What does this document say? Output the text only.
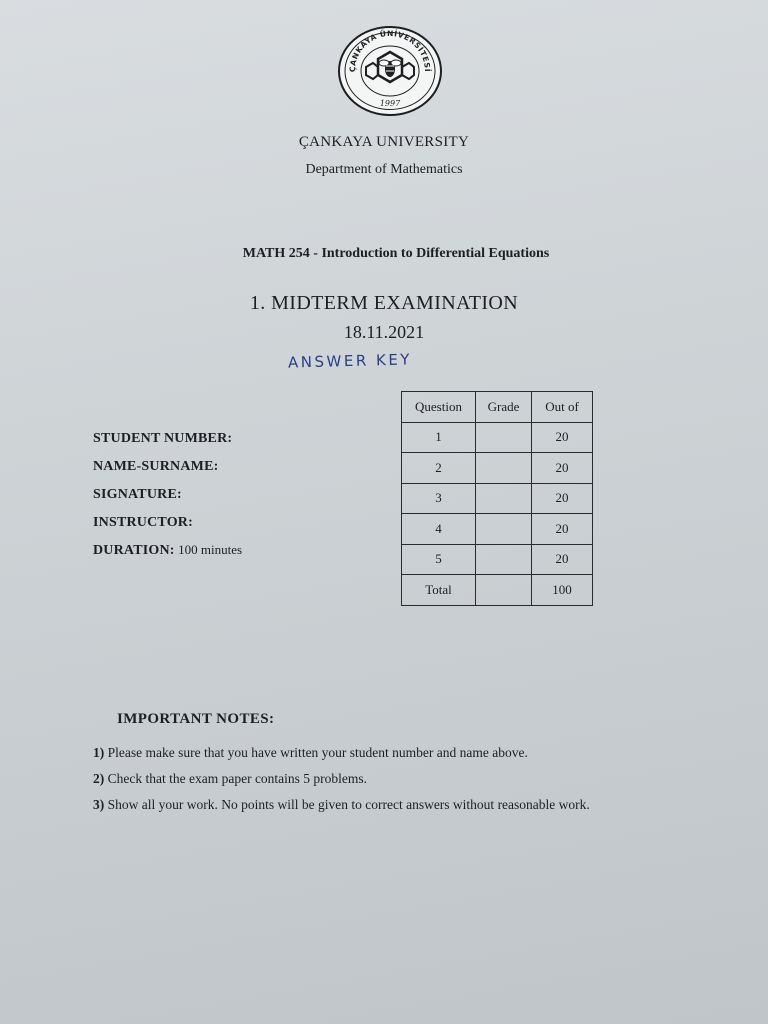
ÇANKAYA ÜNİVERSİTESİ
1997
ÇANKAYA UNIVERSITY
Department of Mathematics
MATH 254 - Introduction to Differential Equations
1. MIDTERM EXAMINATION
18.11.2021
ANSWER KEY
STUDENT NUMBER:
NAME-SURNAME:
SIGNATURE:
INSTRUCTOR:
DURATION: 100 minutes
Question	Grade	Out of
1		20
2		20
3		20
4		20
5		20
Total		100
IMPORTANT NOTES:
1) Please make sure that you have written your student number and name above.
2) Check that the exam paper contains 5 problems.
3) Show all your work. No points will be given to correct answers without reasonable work.
